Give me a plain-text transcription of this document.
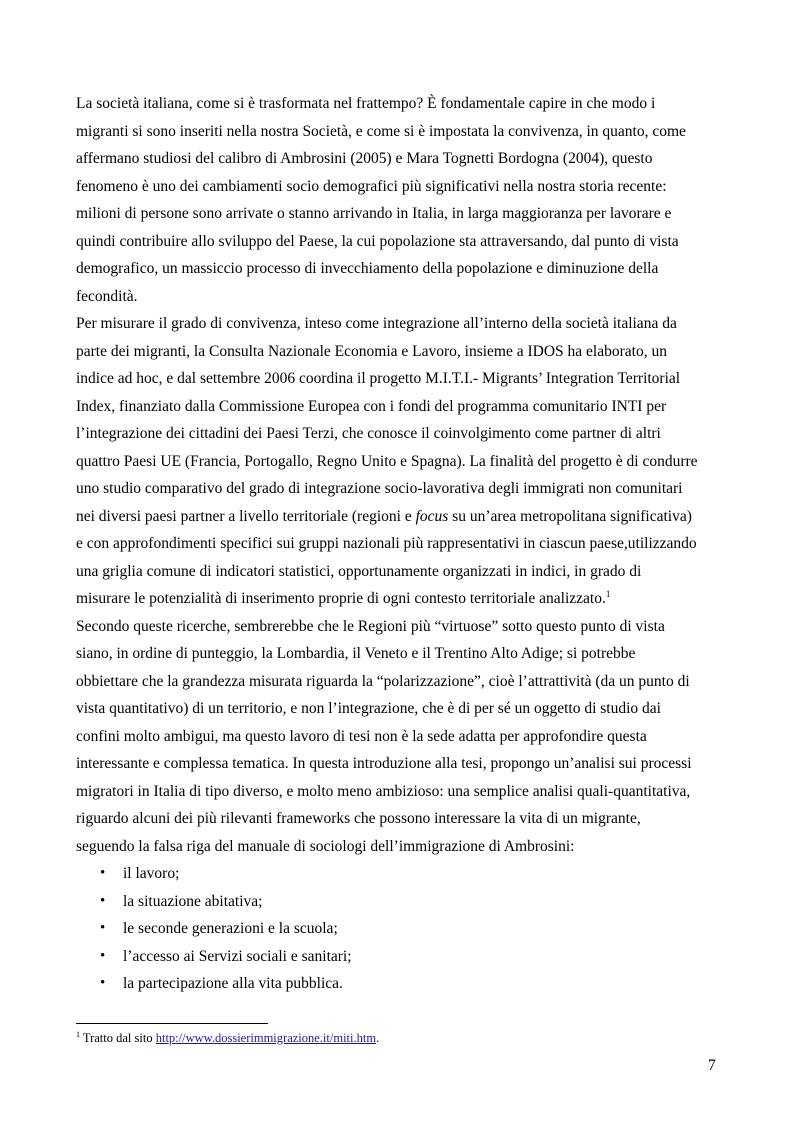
La società italiana, come si è trasformata nel frattempo? È fondamentale capire in che modo i
migranti si sono inseriti nella nostra Società, e come si è impostata la convivenza, in quanto, come
affermano studiosi del calibro di Ambrosini (2005) e Mara Tognetti Bordogna (2004), questo
fenomeno è uno dei cambiamenti socio demografici più significativi nella nostra storia recente:
milioni di persone sono arrivate o stanno arrivando in Italia, in larga maggioranza per lavorare e
quindi contribuire allo sviluppo del Paese, la cui popolazione sta attraversando, dal punto di vista
demografico, un massiccio processo di invecchiamento della popolazione e diminuzione della
fecondità.
Per misurare il grado di convivenza, inteso come integrazione all’interno della società italiana da
parte dei migranti, la Consulta Nazionale Economia e Lavoro, insieme a IDOS ha elaborato, un
indice ad hoc, e dal settembre 2006 coordina il progetto M.I.T.I.- Migrants’ Integration Territorial
Index, finanziato dalla Commissione Europea con i fondi del programma comunitario INTI per
l’integrazione dei cittadini dei Paesi Terzi, che conosce il coinvolgimento come partner di altri
quattro Paesi UE (Francia, Portogallo, Regno Unito e Spagna). La finalità del progetto è di condurre
uno studio comparativo del grado di integrazione socio-lavorativa degli immigrati non comunitari
nei diversi paesi partner a livello territoriale (regioni e focus su un’area metropolitana significativa)
e con approfondimenti specifici sui gruppi nazionali più rappresentativi in ciascun paese,utilizzando
una griglia comune di indicatori statistici, opportunamente organizzati in indici, in grado di
misurare le potenzialità di inserimento proprie di ogni contesto territoriale analizzato.$^1$
Secondo queste ricerche, sembrerebbe che le Regioni più “virtuose” sotto questo punto di vista
siano, in ordine di punteggio, la Lombardia, il Veneto e il Trentino Alto Adige; si potrebbe
obbiettare che la grandezza misurata riguarda la “polarizzazione”, cioè l’attrattività (da un punto di
vista quantitativo) di un territorio, e non l’integrazione, che è di per sé un oggetto di studio dai
confini molto ambigui, ma questo lavoro di tesi non è la sede adatta per approfondire questa
interessante e complessa tematica. In questa introduzione alla tesi, propongo un’analisi sui processi
migratori in Italia di tipo diverso, e molto meno ambizioso: una semplice analisi quali-quantitativa,
riguardo alcuni dei più rilevanti frameworks che possono interessare la vita di un migrante,
seguendo la falsa riga del manuale di sociologi dell’immigrazione di Ambrosini:
• il lavoro;
• la situazione abitativa;
• le seconde generazioni e la scuola;
• l’accesso ai Servizi sociali e sanitari;
• la partecipazione alla vita pubblica.
$^1$ Tratto dal sito http://www.dossierimmigrazione.it/miti.htm.
7
